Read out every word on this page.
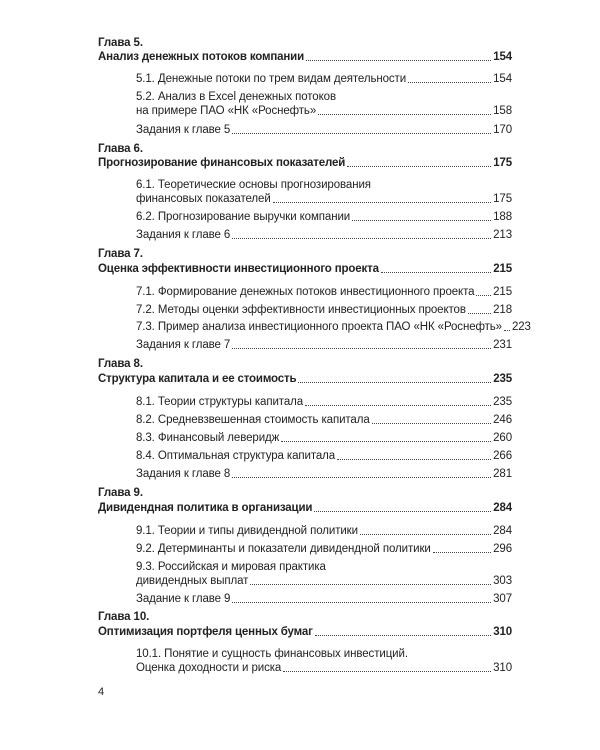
Глава 5.
Анализ денежных потоков компании	154
5.1. Денежные потоки по трем видам деятельности	154
5.2. Анализ в Excel денежных потоков
на примере ПАО «НК «Роснефть»	158
Задания к главе 5	170
Глава 6.
Прогнозирование финансовых показателей	175
6.1. Теоретические основы прогнозирования
финансовых показателей	175
6.2. Прогнозирование выручки компании	188
Задания к главе 6	213
Глава 7.
Оценка эффективности инвестиционного проекта	215
7.1. Формирование денежных потоков инвестиционного проекта 215
7.2. Методы оценки эффективности инвестиционных проектов 218
7.3. Пример анализа инвестиционного проекта ПАО «НК «Роснефть» 223
Задания к главе 7	231
Глава 8.
Структура капитала и ее стоимость	235
8.1. Теории структуры капитала	235
8.2. Средневзвешенная стоимость капитала	246
8.3. Финансовый леверидж	260
8.4. Оптимальная структура капитала	266
Задания к главе 8	281
Глава 9.
Дивидендная политика в организации	284
9.1. Теории и типы дивидендной политики	284
9.2. Детерминанты и показатели дивидендной политики	296
9.3. Российская и мировая практика
дивидендных выплат	303
Задание к главе 9	307
Глава 10.
Оптимизация портфеля ценных бумаг	310
10.1. Понятие и сущность финансовых инвестиций.
Оценка доходности и риска	310
4
